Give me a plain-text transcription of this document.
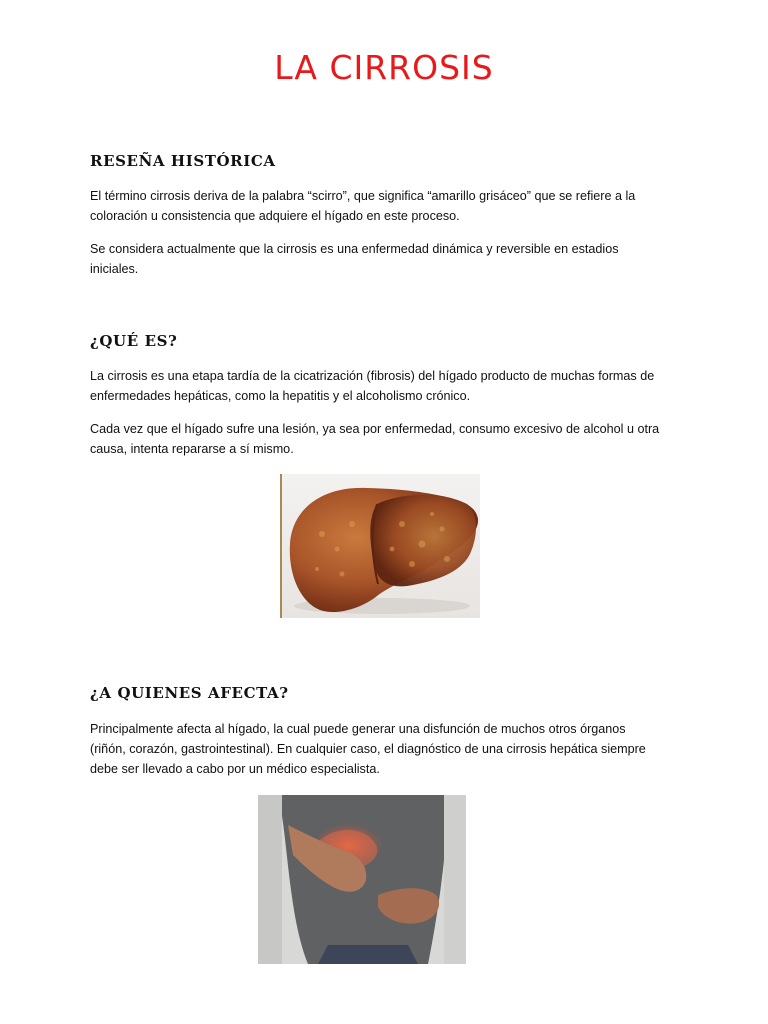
LA CIRROSIS
RESEÑA HISTÓRICA

El término cirrosis deriva de la palabra “scirro”, que significa “amarillo grisáceo” que se refiere a la coloración u consistencia que adquiere el hígado en este proceso.

Se considera actualmente que la cirrosis es una enfermedad dinámica y reversible en estadios iniciales.

¿QUÉ ES?

La cirrosis es una etapa tardía de la cicatrización (fibrosis) del hígado producto de muchas formas de enfermedades hepáticas, como la hepatitis y el alcoholismo crónico.

Cada vez que el hígado sufre una lesión, ya sea por enfermedad, consumo excesivo de alcohol u otra causa, intenta repararse a sí mismo.

¿A QUIENES AFECTA?

Principalmente afecta al hígado, la cual puede generar una disfunción de muchos otros órganos (riñón, corazón, gastrointestinal). En cualquier caso, el diagnóstico de una cirrosis hepática siempre debe ser llevado a cabo por un médico especialista.
